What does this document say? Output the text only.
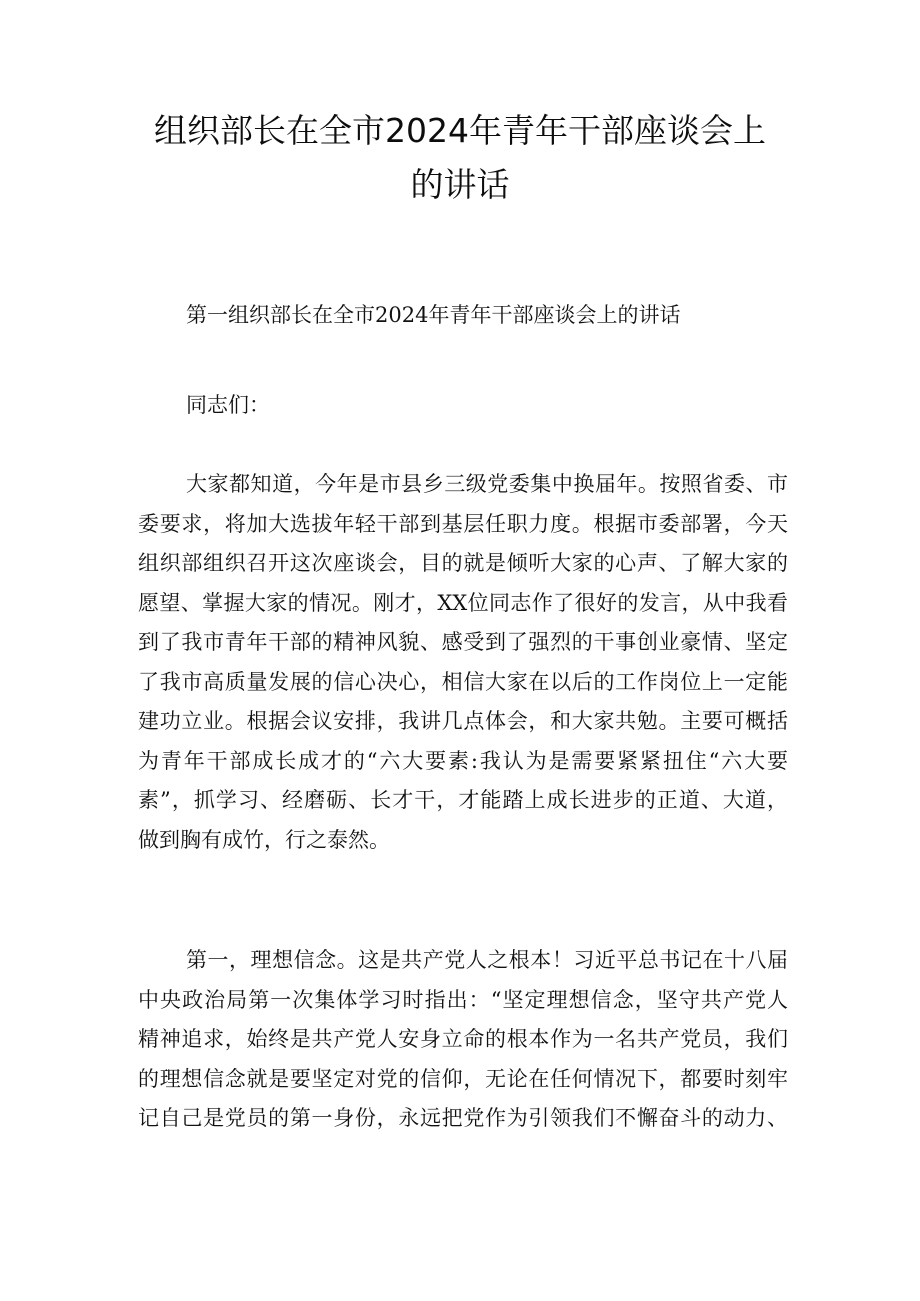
组织部长在全市2024年青年干部座谈会上
的讲话
第一组织部长在全市2024年青年干部座谈会上的讲话
同志们：
大家都知道，今年是市县乡三级党委集中换届年。按照省委、市
委要求，将加大选拔年轻干部到基层任职力度。根据市委部署，今天
组织部组织召开这次座谈会，目的就是倾听大家的心声、了解大家的
愿望、掌握大家的情况。刚才，XX位同志作了很好的发言，从中我看
到了我市青年干部的精神风貌、感受到了强烈的干事创业豪情、坚定
了我市高质量发展的信心决心，相信大家在以后的工作岗位上一定能
建功立业。根据会议安排，我讲几点体会，和大家共勉。主要可概括
为青年干部成长成才的“六大要素:我认为是需要紧紧扭住“六大要
素”，抓学习、经磨砺、长才干，才能踏上成长进步的正道、大道，
做到胸有成竹，行之泰然。
第一，理想信念。这是共产党人之根本！习近平总书记在十八届
中央政治局第一次集体学习时指出：“坚定理想信念，坚守共产党人
精神追求，始终是共产党人安身立命的根本作为一名共产党员，我们
的理想信念就是要坚定对党的信仰，无论在任何情况下，都要时刻牢
记自己是党员的第一身份，永远把党作为引领我们不懈奋斗的动力、
